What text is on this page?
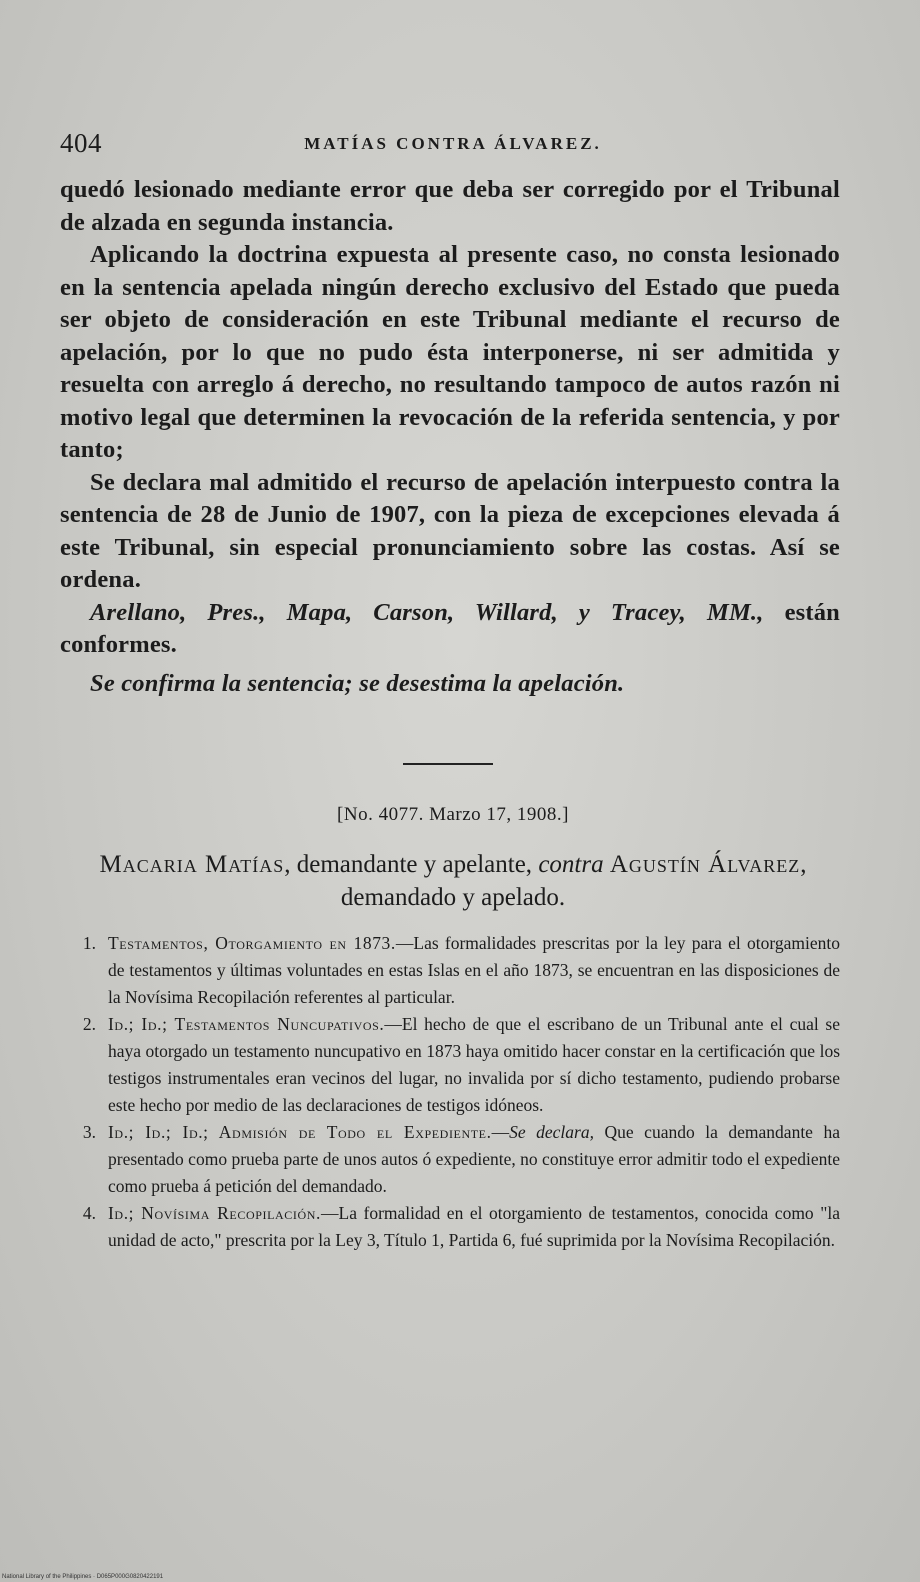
404	MATÍAS CONTRA ÁLVAREZ.

quedó lesionado mediante error que deba ser corregido por el Tribunal de alzada en segunda instancia.

Aplicando la doctrina expuesta al presente caso, no consta lesionado en la sentencia apelada ningún derecho exclusivo del Estado que pueda ser objeto de consideración en este Tribunal mediante el recurso de apelación, por lo que no pudo ésta interponerse, ni ser admitida y resuelta con arreglo á derecho, no resultando tampoco de autos razón ni motivo legal que determinen la revocación de la referida sentencia, y por tanto;

Se declara mal admitido el recurso de apelación interpuesto contra la sentencia de 28 de Junio de 1907, con la pieza de excepciones elevada á este Tribunal, sin especial pronunciamiento sobre las costas. Así se ordena.

Arellano, Pres., Mapa, Carson, Willard, y Tracey, MM., están conformes.

Se confirma la sentencia; se desestima la apelación.

[No. 4077. Marzo 17, 1908.]
Macaria Matías, demandante y apelante, contra Agustín Álvarez, demandado y apelado.
1. Testamentos, Otorgamiento en 1873.—Las formalidades prescritas por la ley para el otorgamiento de testamentos y últimas voluntades en estas Islas en el año 1873, se encuentran en las disposiciones de la Novísima Recopilación referentes al particular.
2. Id.; Id.; Testamentos Nuncupativos.—El hecho de que el escribano de un Tribunal ante el cual se haya otorgado un testamento nuncupativo en 1873 haya omitido hacer constar en la certificación que los testigos instrumentales eran vecinos del lugar, no invalida por sí dicho testamento, pudiendo probarse este hecho por medio de las declaraciones de testigos idóneos.
3. Id.; Id.; Id.; Admisión de Todo el Expediente.—Se declara, Que cuando la demandante ha presentado como prueba parte de unos autos ó expediente, no constituye error admitir todo el expediente como prueba á petición del demandado.
4. Id.; Novísima Recopilación.—La formalidad en el otorgamiento de testamentos, conocida como "la unidad de acto," prescrita por la Ley 3, Título 1, Partida 6, fué suprimida por la Novísima Recopilación.
National Library of the Philippines · D065P000G0820422191
